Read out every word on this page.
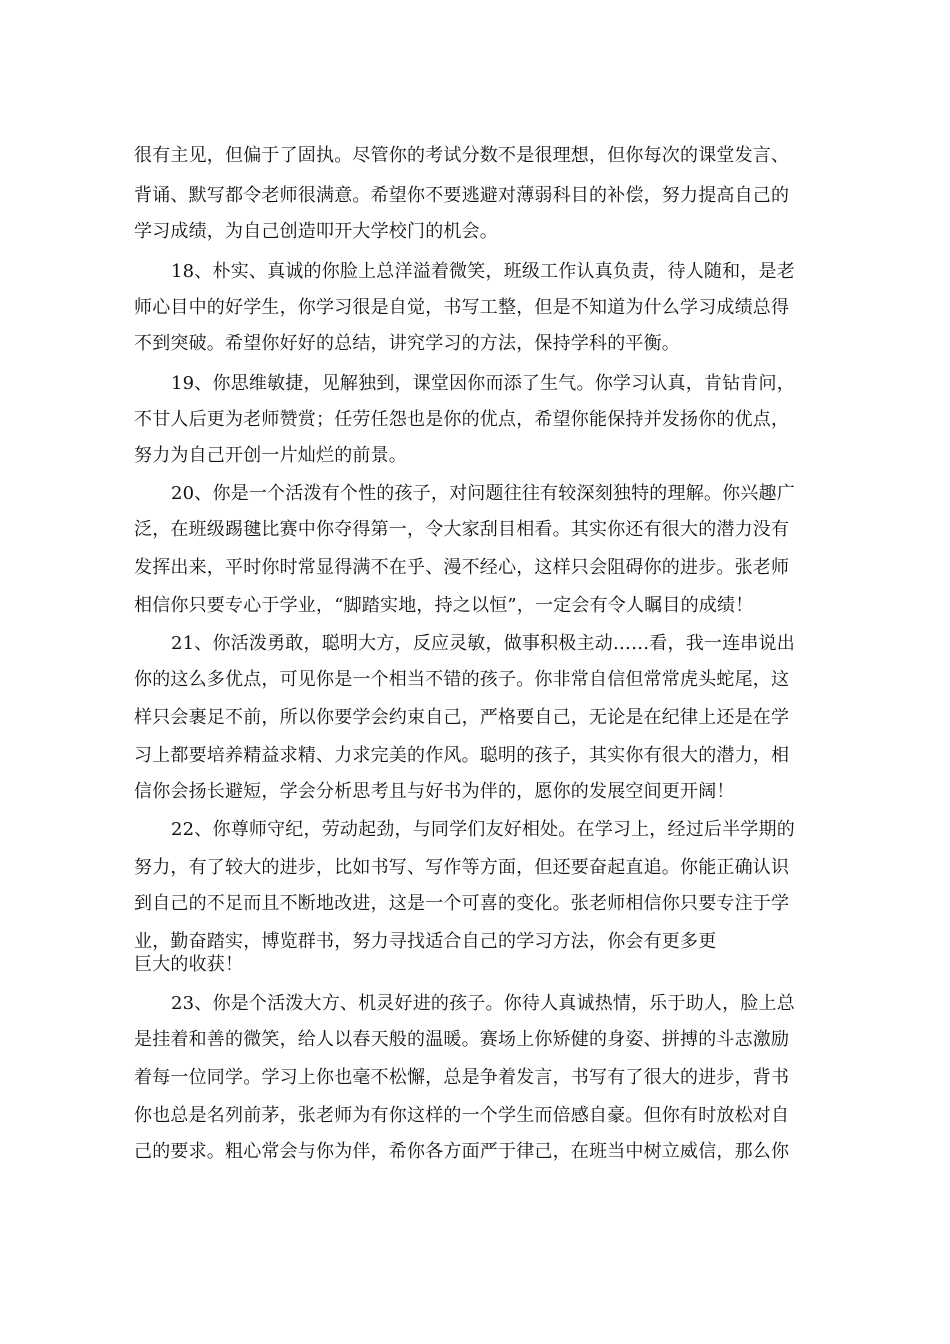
很有主见，但偏于了固执。尽管你的考试分数不是很理想，但你每次的课堂发言、
背诵、默写都令老师很满意。希望你不要逃避对薄弱科目的补偿，努力提高自己的
学习成绩，为自己创造叩开大学校门的机会。
18、朴实、真诚的你脸上总洋溢着微笑，班级工作认真负责，待人随和，是老
师心目中的好学生，你学习很是自觉，书写工整，但是不知道为什么学习成绩总得
不到突破。希望你好好的总结，讲究学习的方法，保持学科的平衡。
19、你思维敏捷，见解独到，课堂因你而添了生气。你学习认真，肯钻肯问，
不甘人后更为老师赞赏；任劳任怨也是你的优点，希望你能保持并发扬你的优点，
努力为自己开创一片灿烂的前景。
20、你是一个活泼有个性的孩子，对问题往往有较深刻独特的理解。你兴趣广
泛，在班级踢毽比赛中你夺得第一，令大家刮目相看。其实你还有很大的潜力没有
发挥出来，平时你时常显得满不在乎、漫不经心，这样只会阻碍你的进步。张老师
相信你只要专心于学业，“脚踏实地，持之以恒”，一定会有令人瞩目的成绩！
21、你活泼勇敢，聪明大方，反应灵敏，做事积极主动……看，我一连串说出
你的这么多优点，可见你是一个相当不错的孩子。你非常自信但常常虎头蛇尾，这
样只会裹足不前，所以你要学会约束自己，严格要自己，无论是在纪律上还是在学
习上都要培养精益求精、力求完美的作风。聪明的孩子，其实你有很大的潜力，相
信你会扬长避短，学会分析思考且与好书为伴的，愿你的发展空间更开阔！
22、你尊师守纪，劳动起劲，与同学们友好相处。在学习上，经过后半学期的
努力，有了较大的进步，比如书写、写作等方面，但还要奋起直追。你能正确认识
到自己的不足而且不断地改进，这是一个可喜的变化。张老师相信你只要专注于学
业，勤奋踏实，博览群书，努力寻找适合自己的学习方法，你会有更多更
巨大的收获！
23、你是个活泼大方、机灵好进的孩子。你待人真诚热情，乐于助人，脸上总
是挂着和善的微笑，给人以春天般的温暖。赛场上你矫健的身姿、拼搏的斗志激励
着每一位同学。学习上你也毫不松懈，总是争着发言，书写有了很大的进步，背书
你也总是名列前茅，张老师为有你这样的一个学生而倍感自豪。但你有时放松对自
己的要求。粗心常会与你为伴，希你各方面严于律己，在班当中树立威信，那么你
